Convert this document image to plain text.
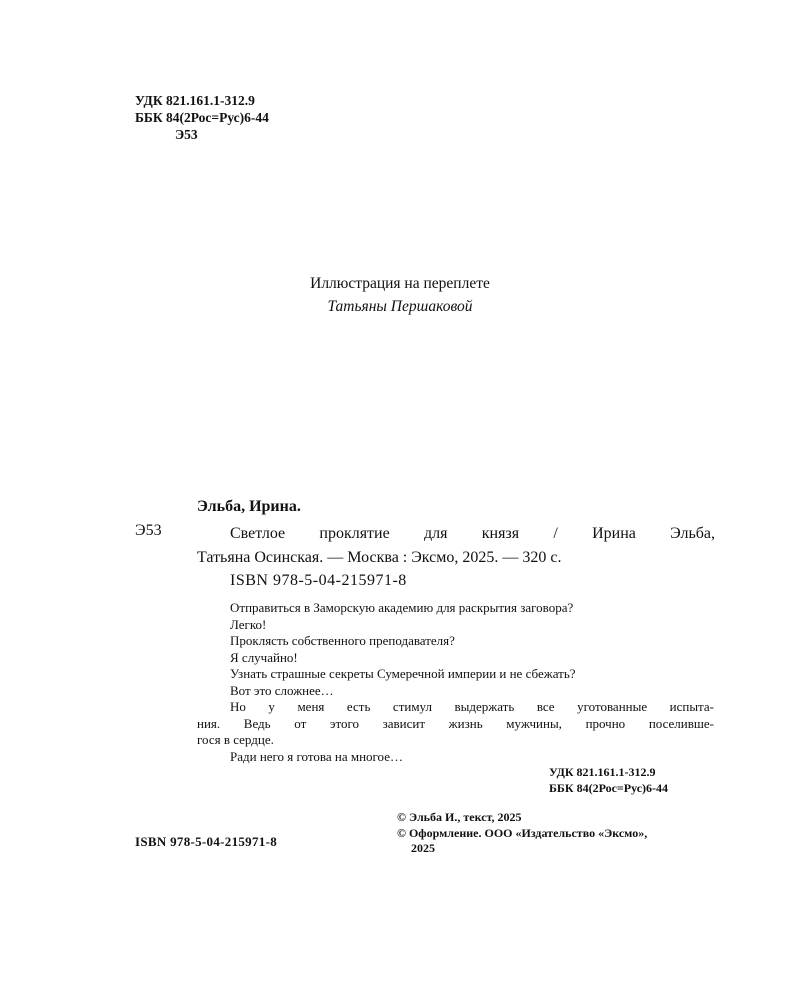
УДК 821.161.1-312.9
ББК 84(2Рос=Рус)6-44
Э53
Иллюстрация на переплете
Татьяны Першаковой
Эльба, Ирина.
Э53	Светлое проклятие для князя / Ирина Эльба,
Татьяна Осинская. — Москва : Эксмо, 2025. — 320 с.
ISBN 978-5-04-215971-8

Отправиться в Заморскую академию для раскрытия заговора?

Легко!

Проклясть собственного преподавателя?

Я случайно!

Узнать страшные секреты Сумеречной империи и не сбежать?

Вот это сложнее…

Но у меня есть стимул выдержать все уготованные испыта-

ния. Ведь от этого зависит жизнь мужчины, прочно поселивше-

гося в сердце.

Ради него я готова на многое…

УДК 821.161.1-312.9
ББК 84(2Рос=Рус)6-44
© Эльба И., текст, 2025
© Оформление. ООО «Издательство «Эксмо»,
2025
ISBN 978-5-04-215971-8
